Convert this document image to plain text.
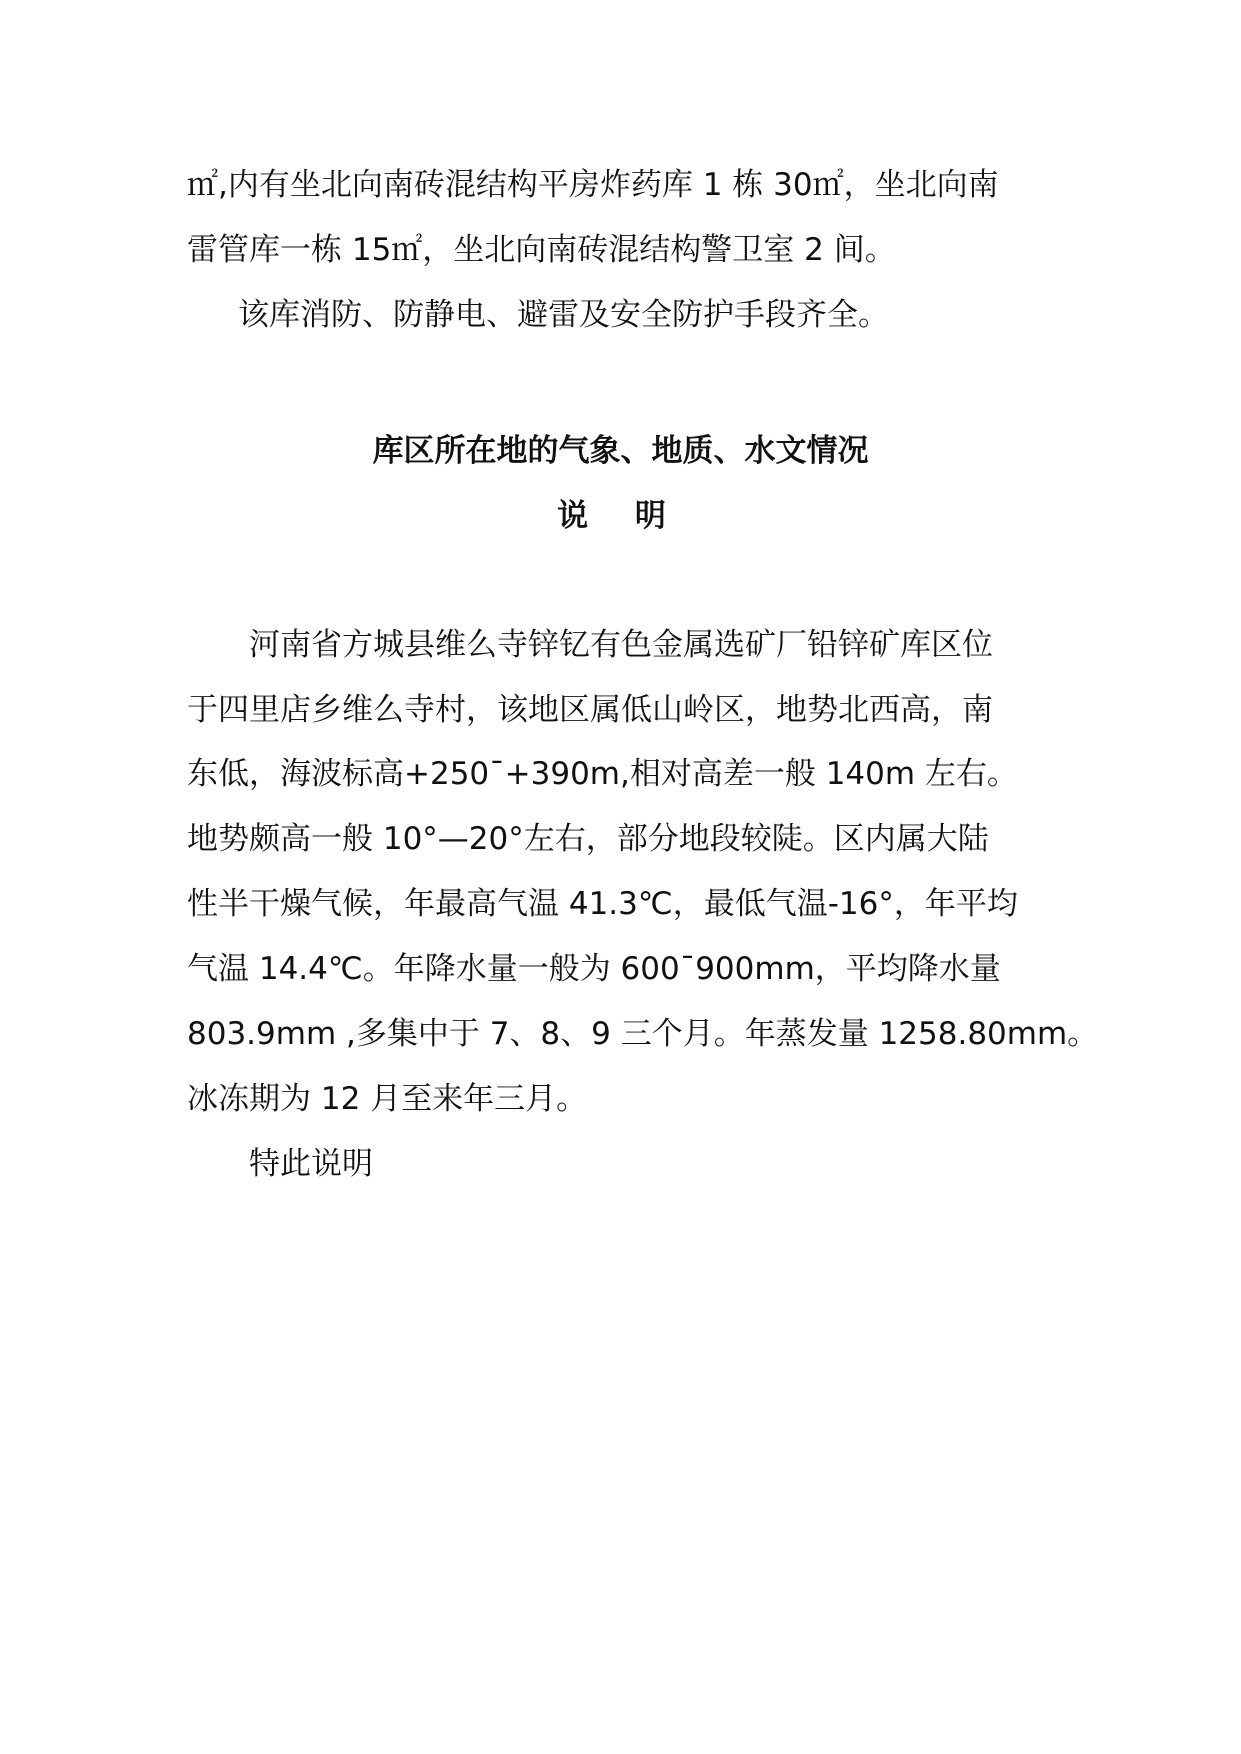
㎡,内有坐北向南砖混结构平房炸药库 1 栋 30㎡，坐北向南
雷管库一栋 15㎡，坐北向南砖混结构警卫室 2 间。
该库消防、防静电、避雷及安全防护手段齐全。
库区所在地的气象、地质、水文情况
说 明
河南省方城县维么寺锌钇有色金属选矿厂铅锌矿库区位
于四里店乡维么寺村，该地区属低山岭区，地势北西高，南
东低，海波标高+250ˉ+390m,相对高差一般 140m 左右。
地势颇高一般 10°—20°左右，部分地段较陡。区内属大陆
性半干燥气候，年最高气温 41.3℃，最低气温-16°，年平均
气温 14.4℃。年降水量一般为 600ˉ900mm，平均降水量
803.9mm ,多集中于 7、8、9 三个月。年蒸发量 1258.80mm。
冰冻期为 12 月至来年三月。
特此说明
